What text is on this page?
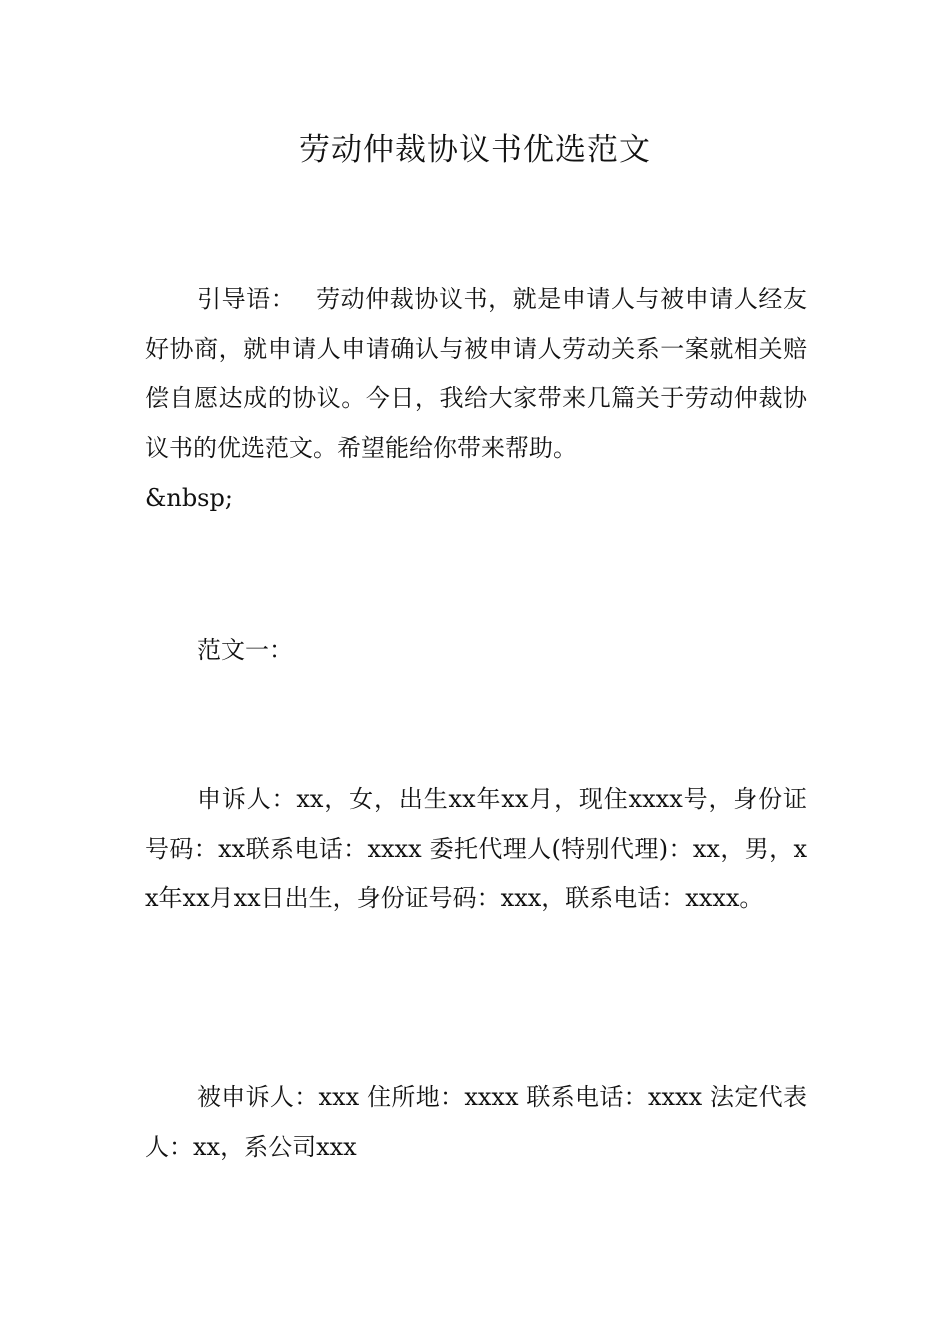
劳动仲裁协议书优选范文

引导语：　 劳动仲裁协议书，就是申请人与被申请人经友好协商，就申请人申请确认与被申请人劳动关系一案就相关赔偿自愿达成的协议。今日，我给大家带来几篇关于劳动仲裁协议书的优选范文。希望能给你带来帮助。

&nbsp;

范文一：

申诉人：xx，女，出生xx年xx月，现住xxxx号，身份证号码：xx联系电话：xxxx 委托代理人(特别代理)：xx，男，xx年xx月xx日出生，身份证号码：xxx，联系电话：xxxx。

被申诉人：xxx 住所地：xxxx 联系电话：xxxx 法定代表人：xx，系公司xxx
